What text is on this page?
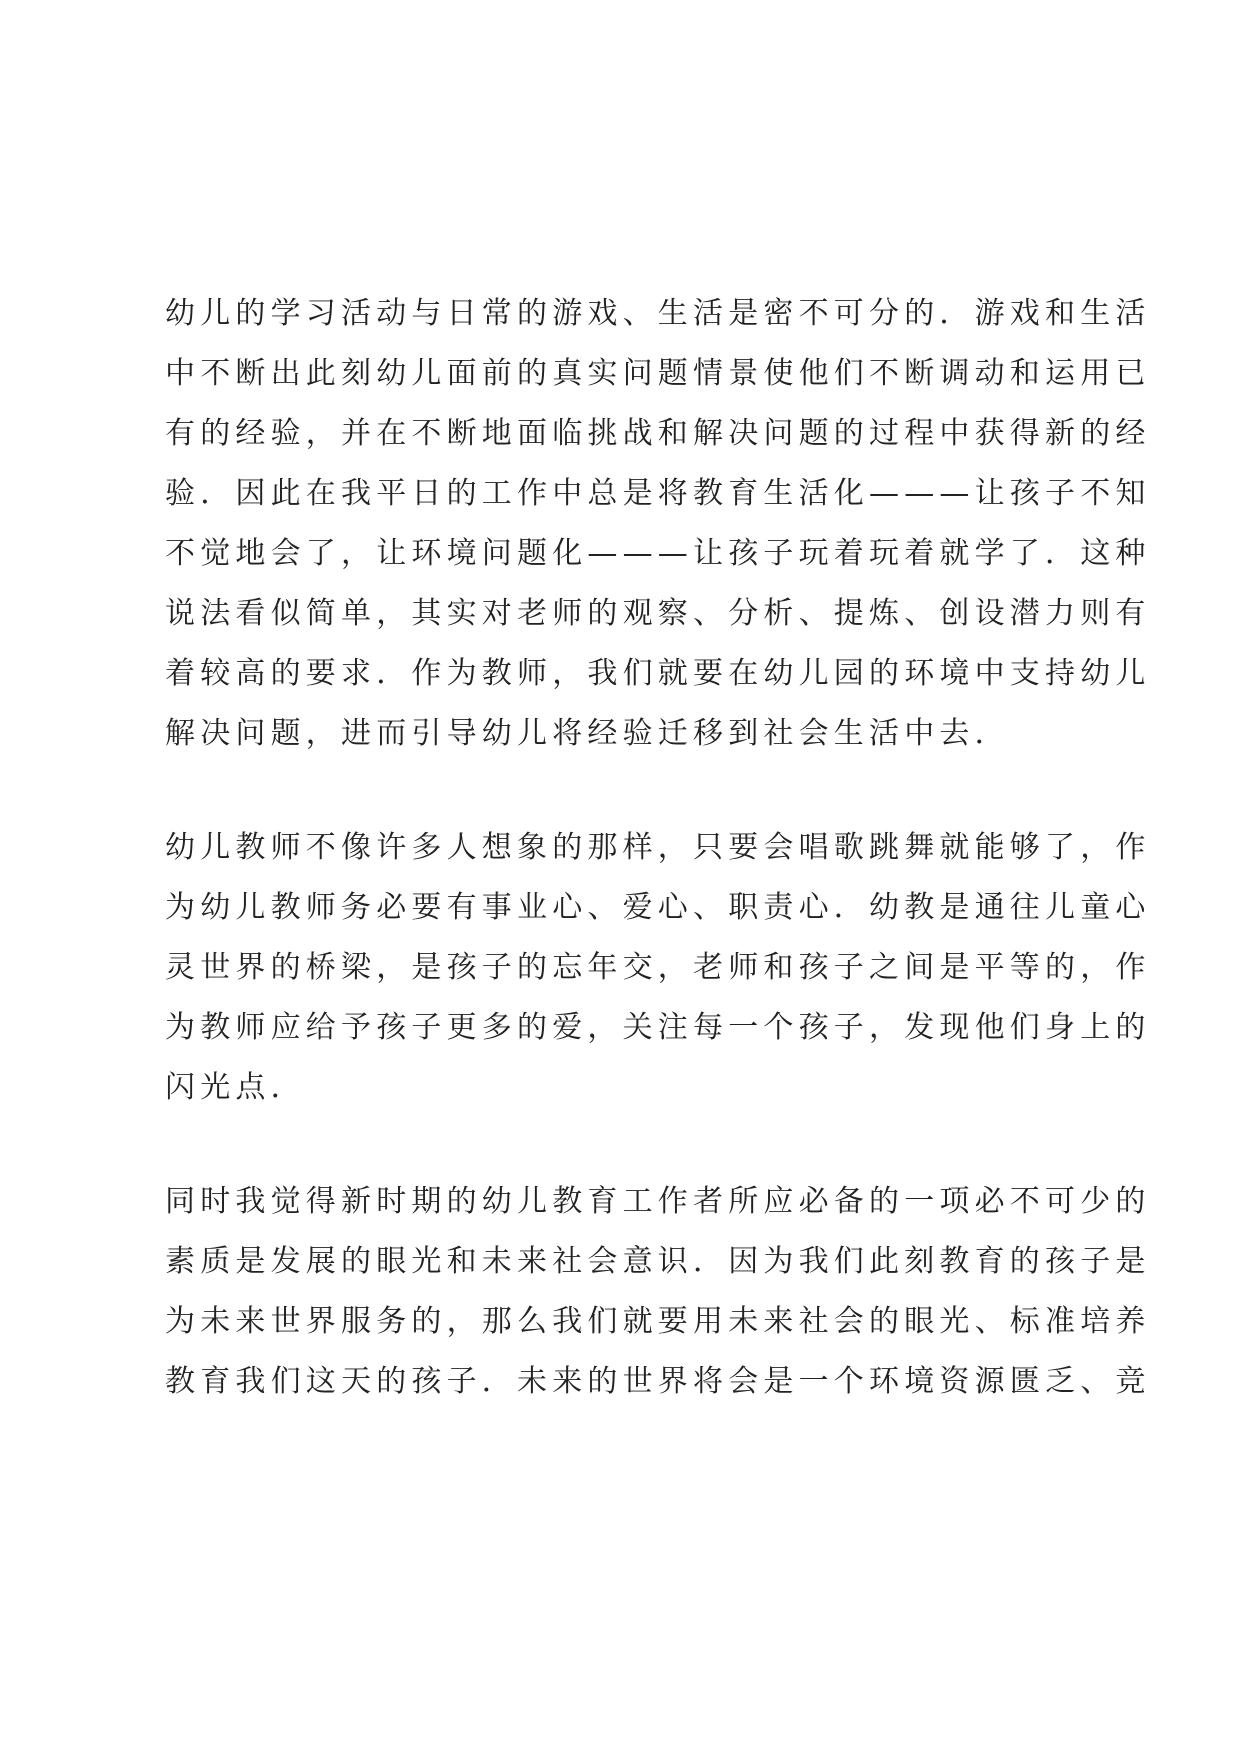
幼儿的学习活动与日常的游戏、生活是密不可分的．游戏和生活
中不断出此刻幼儿面前的真实问题情景使他们不断调动和运用已
有的经验，并在不断地面临挑战和解决问题的过程中获得新的经
验．因此在我平日的工作中总是将教育生活化———让孩子不知
不觉地会了，让环境问题化———让孩子玩着玩着就学了．这种
说法看似简单，其实对老师的观察、分析、提炼、创设潜力则有
着较高的要求．作为教师，我们就要在幼儿园的环境中支持幼儿
解决问题，进而引导幼儿将经验迁移到社会生活中去．
幼儿教师不像许多人想象的那样，只要会唱歌跳舞就能够了，作
为幼儿教师务必要有事业心、爱心、职责心．幼教是通往儿童心
灵世界的桥梁，是孩子的忘年交，老师和孩子之间是平等的，作
为教师应给予孩子更多的爱，关注每一个孩子，发现他们身上的
闪光点．
同时我觉得新时期的幼儿教育工作者所应必备的一项必不可少的
素质是发展的眼光和未来社会意识．因为我们此刻教育的孩子是
为未来世界服务的，那么我们就要用未来社会的眼光、标准培养
教育我们这天的孩子．未来的世界将会是一个环境资源匮乏、竞
